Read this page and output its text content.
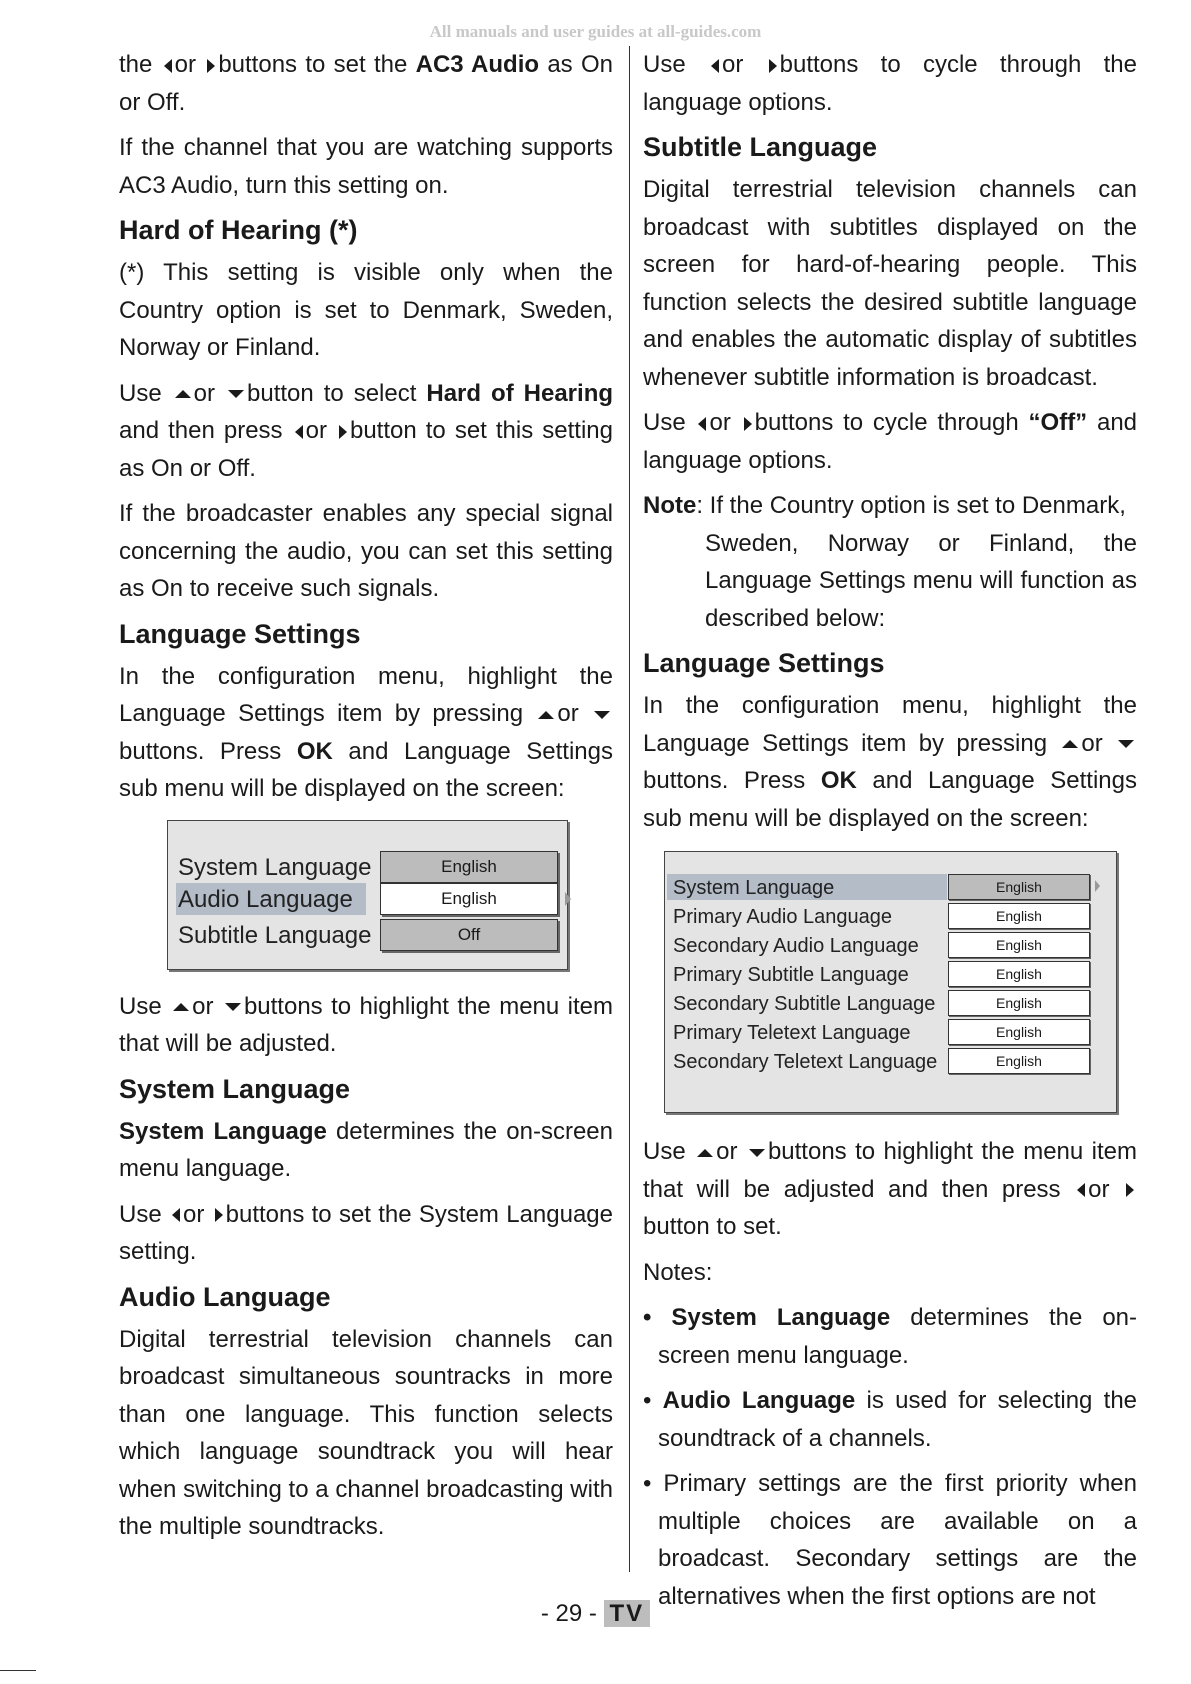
All manuals and user guides at all-guides.com

the or buttons to set the AC3 Audio as On or Off.

If the channel that you are watching supports AC3 Audio, turn this setting on.

Hard of Hearing (*)

(*) This setting is visible only when the Country option is set to Denmark, Sweden, Norway or Finland.

Use or button to select Hard of Hearing and then press or button to set this setting as On or Off.

If the broadcaster enables any special signal concerning the audio, you can set this setting as On to receive such signals.

Language Settings

In the configuration menu, highlight the Language Settings item by pressing or buttons. Press OK and Language Settings sub menu will be displayed on the screen:

System Language	English
Audio Language	English
Subtitle Language	Off

Use or buttons to highlight the menu item that will be adjusted.

System Language

System Language determines the on-screen menu language.

Use or buttons to set the System Language setting.

Audio Language

Digital terrestrial television channels can broadcast simultaneous sountracks in more than one language. This function selects which language soundtrack you will hear when switching to a channel broadcasting with the multiple soundtracks.

Use or buttons to cycle through the language options.

Subtitle Language

Digital terrestrial television channels can broadcast with subtitles displayed on the screen for hard-of-hearing people. This function selects the desired subtitle language and enables the automatic display of subtitles whenever subtitle information is broadcast.

Use or buttons to cycle through “Off” and language options.

Note: If the Country option is set to Denmark,

Sweden, Norway or Finland, the Language Settings menu will function as described below:

Language Settings

In the configuration menu, highlight the Language Settings item by pressing or buttons. Press OK and Language Settings sub menu will be displayed on the screen:

System Language	English
Primary Audio Language	English
Secondary Audio Language	English
Primary Subtitle Language	English
Secondary Subtitle Language	English
Primary Teletext Language	English
Secondary Teletext Language	English

Use or buttons to highlight the menu item that will be adjusted and then press or button to set.

Notes:

• System Language determines the on-screen menu language.

• Audio Language is used for selecting the soundtrack of a channels.

• Primary settings are the first priority when multiple choices are available on a broadcast. Secondary settings are the alternatives when the first options are not

- 29 - TV
